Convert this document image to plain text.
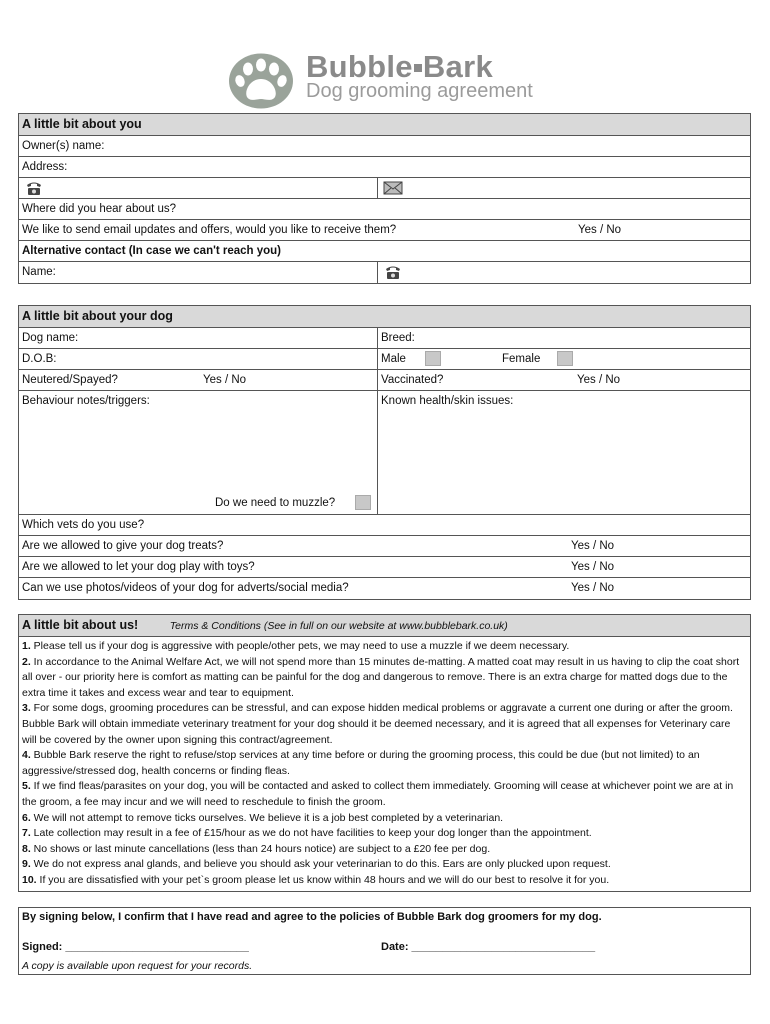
Bubble Bark
Dog grooming agreement
A little bit about you
Owner(s) name:
Address:
Where did you hear about us?
We like to send email updates and offers, would you like to receive them?	Yes / No
Alternative contact (In case we can't reach you)
Name:
A little bit about your dog
Dog name:	Breed:
D.O.B:	Male	Female
Neutered/Spayed?	Yes / No	Vaccinated?	Yes / No
Behaviour notes/triggers:
Do we need to muzzle?
Known health/skin issues:
Which vets do you use?
Are we allowed to give your dog treats?	Yes / No
Are we allowed to let your dog play with toys?	Yes / No
Can we use photos/videos of your dog for adverts/social media?	Yes / No
A little bit about us!	Terms & Conditions (See in full on our website at www.bubblebark.co.uk)
1. Please tell us if your dog is aggressive with people/other pets, we may need to use a muzzle if we deem necessary.
2. In accordance to the Animal Welfare Act, we will not spend more than 15 minutes de-matting. A matted coat may result in us having to clip the coat short all over - our priority here is comfort as matting can be painful for the dog and dangerous to remove. There is an extra charge for matted dogs due to the extra time it takes and excess wear and tear to equipment.
3. For some dogs, grooming procedures can be stressful, and can expose hidden medical problems or aggravate a current one during or after the groom. Bubble Bark will obtain immediate veterinary treatment for your dog should it be deemed necessary, and it is agreed that all expenses for Veterinary care will be covered by the owner upon signing this contract/agreement.
4. Bubble Bark reserve the right to refuse/stop services at any time before or during the grooming process, this could be due (but not limited) to an aggressive/stressed dog, health concerns or finding fleas.
5. If we find fleas/parasites on your dog, you will be contacted and asked to collect them immediately. Grooming will cease at whichever point we are at in the groom, a fee may incur and we will need to reschedule to finish the groom.
6. We will not attempt to remove ticks ourselves. We believe it is a job best completed by a veterinarian.
7. Late collection may result in a fee of £15/hour as we do not have facilities to keep your dog longer than the appointment.
8. No shows or last minute cancellations (less than 24 hours notice) are subject to a £20 fee per dog.
9. We do not express anal glands, and believe you should ask your veterinarian to do this. Ears are only plucked upon request.
10. If you are dissatisfied with your pet`s groom please let us know within 48 hours and we will do our best to resolve it for you.
By signing below, I confirm that I have read and agree to the policies of Bubble Bark dog groomers for my dog.
Signed: ______________________________	Date: ______________________________
A copy is available upon request for your records.
